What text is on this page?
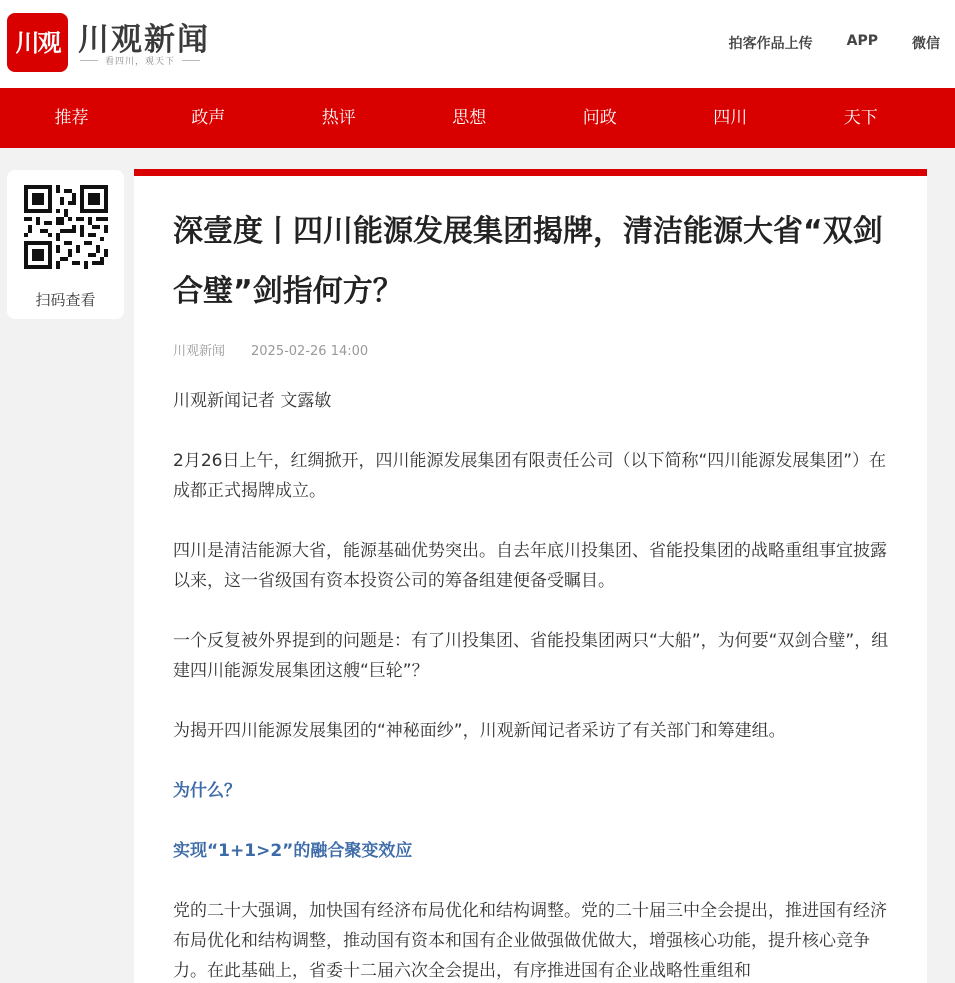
川观 川观新闻
看四川，观天下
拍客作品上传 APP 微信
推荐	政声	热评	思想	问政	四川	天下
扫码查看
深壹度丨四川能源发展集团揭牌，清洁能源大省“双剑合璧”剑指何方？
川观新闻 2025-02-26 14:00

川观新闻记者 文露敏

2月26日上午，红绸掀开，四川能源发展集团有限责任公司（以下简称“四川能源发展集团”）在成都正式揭牌成立。

四川是清洁能源大省，能源基础优势突出。自去年底川投集团、省能投集团的战略重组事宜披露以来，这一省级国有资本投资公司的筹备组建便备受瞩目。

一个反复被外界提到的问题是：有了川投集团、省能投集团两只“大船”，为何要“双剑合璧”，组建四川能源发展集团这艘“巨轮”？

为揭开四川能源发展集团的“神秘面纱”，川观新闻记者采访了有关部门和筹建组。

为什么？

实现“1+1>2”的融合聚变效应

党的二十大强调，加快国有经济布局优化和结构调整。党的二十届三中全会提出，推进国有经济布局优化和结构调整，推动国有资本和国有企业做强做优做大，增强核心功能，提升核心竞争力。在此基础上，省委十二届六次全会提出，有序推进国有企业战略性重组和
